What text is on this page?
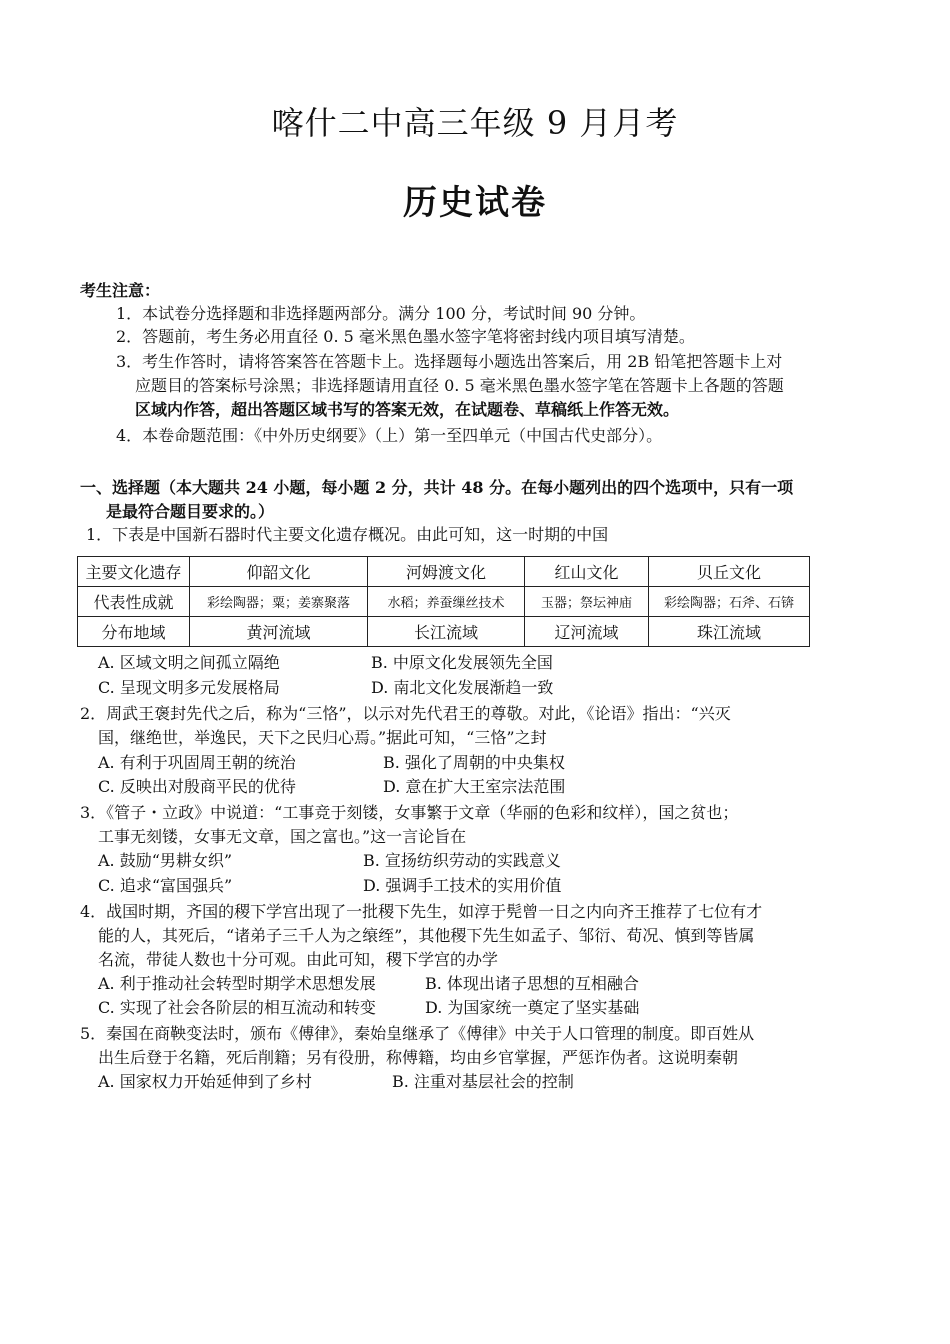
喀什二中高三年级 9 月月考
历史试卷
考生注意：
1．本试卷分选择题和非选择题两部分。满分 100 分，考试时间 90 分钟。
2．答题前，考生务必用直径 0. 5 毫米黑色墨水签字笔将密封线内项目填写清楚。
3．考生作答时，请将答案答在答题卡上。选择题每小题选出答案后，用 2B 铅笔把答题卡上对
应题目的答案标号涂黑；非选择题请用直径 0. 5 毫米黑色墨水签字笔在答题卡上各题的答题
区域内作答，超出答题区域书写的答案无效，在试题卷、草稿纸上作答无效。
4．本卷命题范围：《中外历史纲要》（上）第一至四单元（中国古代史部分）。
一、选择题（本大题共 24 小题，每小题 2 分，共计 48 分。在每小题列出的四个选项中，只有一项
是最符合题目要求的。）
1．下表是中国新石器时代主要文化遗存概况。由此可知，这一时期的中国
主要文化遗存	仰韶文化	河姆渡文化	红山文化	贝丘文化
代表性成就	彩绘陶器；粟；姜寨聚落	水稻；养蚕缫丝技术	玉器；祭坛神庙	彩绘陶器；石斧、石锛
分布地域	黄河流域	长江流域	辽河流域	珠江流域
A. 区域文明之间孤立隔绝	B. 中原文化发展领先全国
C. 呈现文明多元发展格局	D. 南北文化发展渐趋一致
2．周武王褒封先代之后，称为“三恪”，以示对先代君王的尊敬。对此，《论语》指出：“兴灭
国，继绝世，举逸民，天下之民归心焉。”据此可知，“三恪”之封
A. 有利于巩固周王朝的统治	B. 强化了周朝的中央集权
C. 反映出对殷商平民的优待	D. 意在扩大王室宗法范围
3．《管子・立政》中说道：“工事竞于刻镂，女事繁于文章（华丽的色彩和纹样），国之贫也；
工事无刻镂，女事无文章，国之富也。”这一言论旨在
A. 鼓励“男耕女织”	B. 宣扬纺织劳动的实践意义
C. 追求“富国强兵”	D. 强调手工技术的实用价值
4．战国时期，齐国的稷下学宫出现了一批稷下先生，如淳于髡曾一日之内向齐王推荐了七位有才
能的人，其死后，“诸弟子三千人为之缞绖”，其他稷下先生如孟子、邹衍、荀况、慎到等皆属
名流，带徒人数也十分可观。由此可知，稷下学宫的办学
A. 利于推动社会转型时期学术思想发展	B. 体现出诸子思想的互相融合
C. 实现了社会各阶层的相互流动和转变	D. 为国家统一奠定了坚实基础
5．秦国在商鞅变法时，颁布《傅律》，秦始皇继承了《傅律》中关于人口管理的制度。即百姓从
出生后登于名籍，死后削籍；另有役册，称傅籍，均由乡官掌握，严惩诈伪者。这说明秦朝
A. 国家权力开始延伸到了乡村	B. 注重对基层社会的控制
